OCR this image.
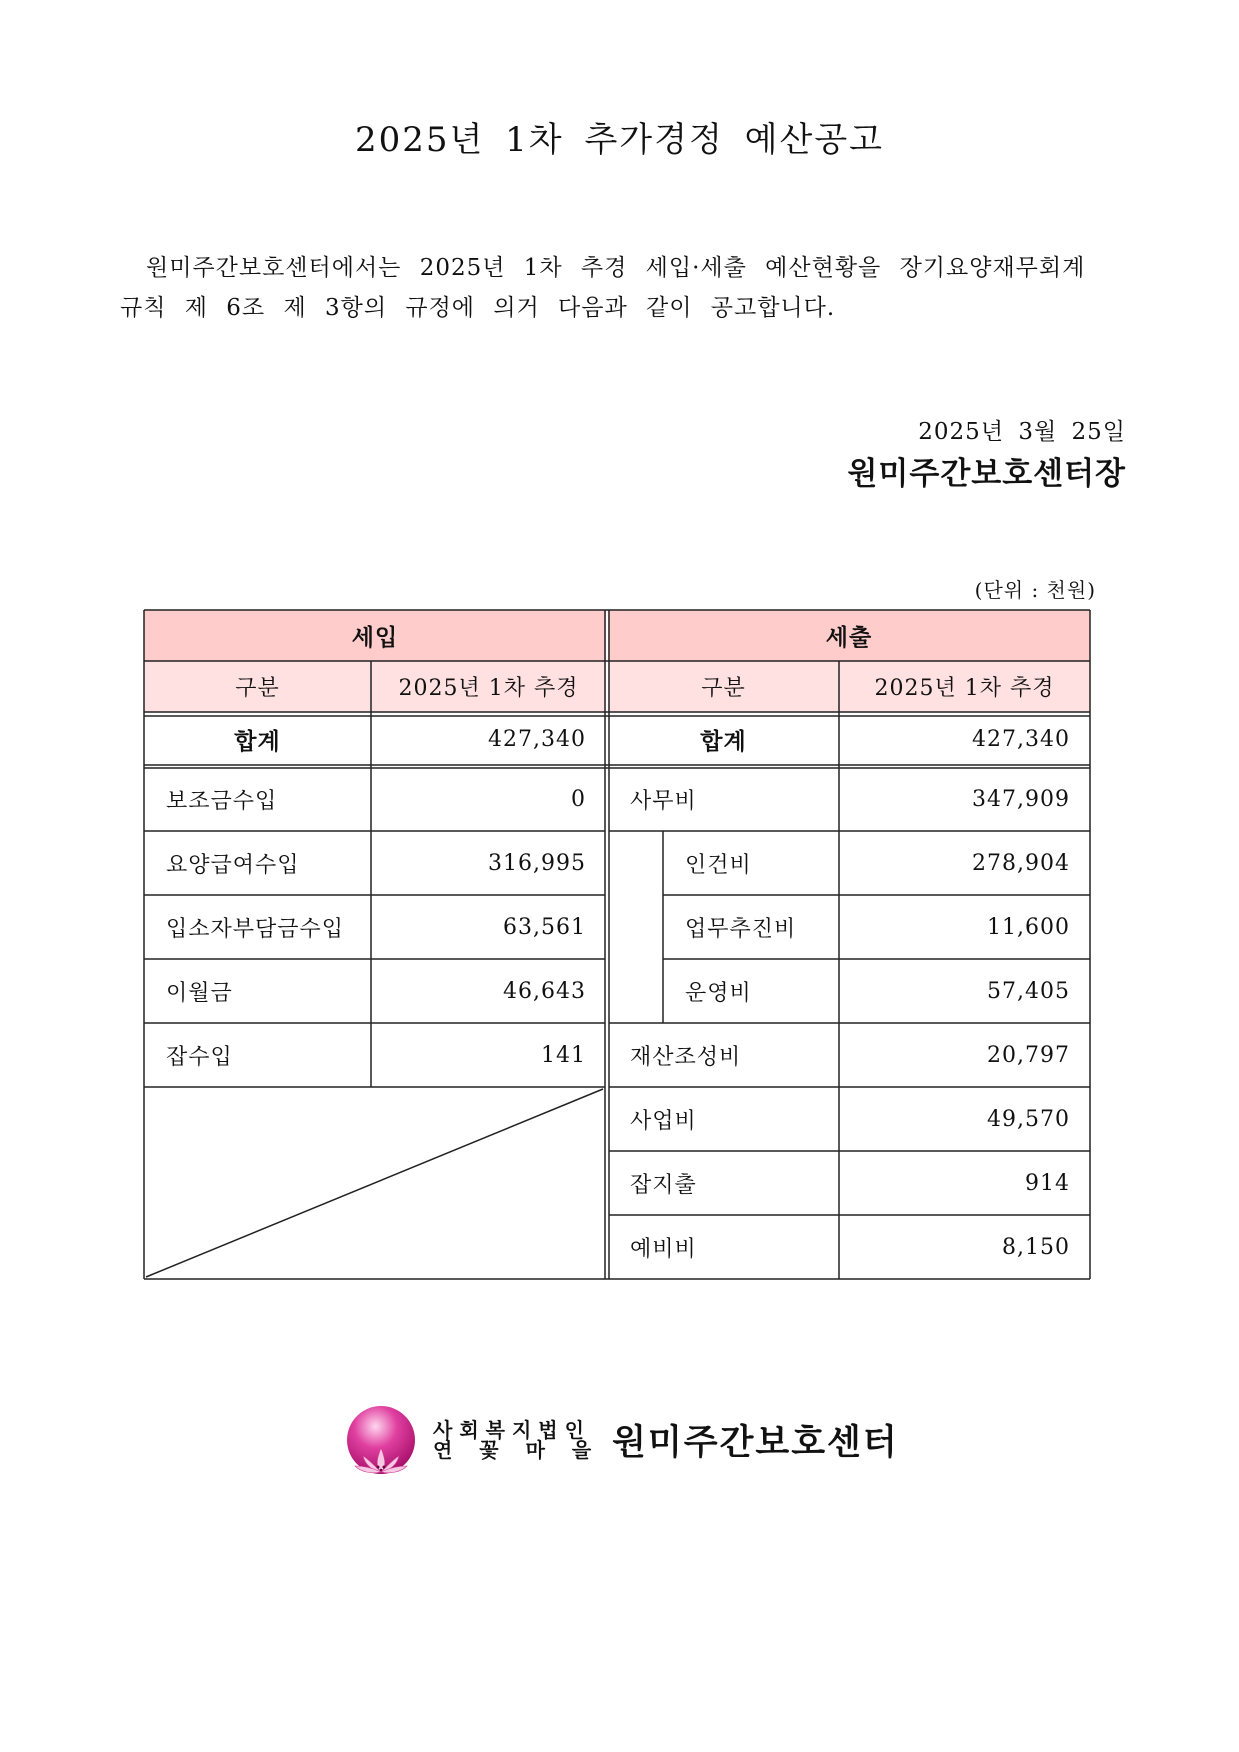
2025년 1차 추가경정 예산공고

원미주간보호센터에서는 2025년 1차 추경 세입·세출 예산현황을 장기요양재무회계

규칙 제 6조 제 3항의 규정에 의거 다음과 같이 공고합니다.

2025년 3월 25일
원미주간보호센터장
(단위 : 천원)
세입
구분	2025년 1차 추경
합계	427,340
보조금수입	0
요양급여수입	316,995
입소자부담금수입	63,561
이월금	46,643
잡수입	141
세출
구분	2025년 1차 추경
합계	427,340
사무비	347,909
인건비	278,904
업무추진비	11,600
운영비	57,405
재산조성비	20,797
사업비	49,570
잡지출	914
예비비	8,150
사회복지법인
연 꽃 마 을 원미주간보호센터
